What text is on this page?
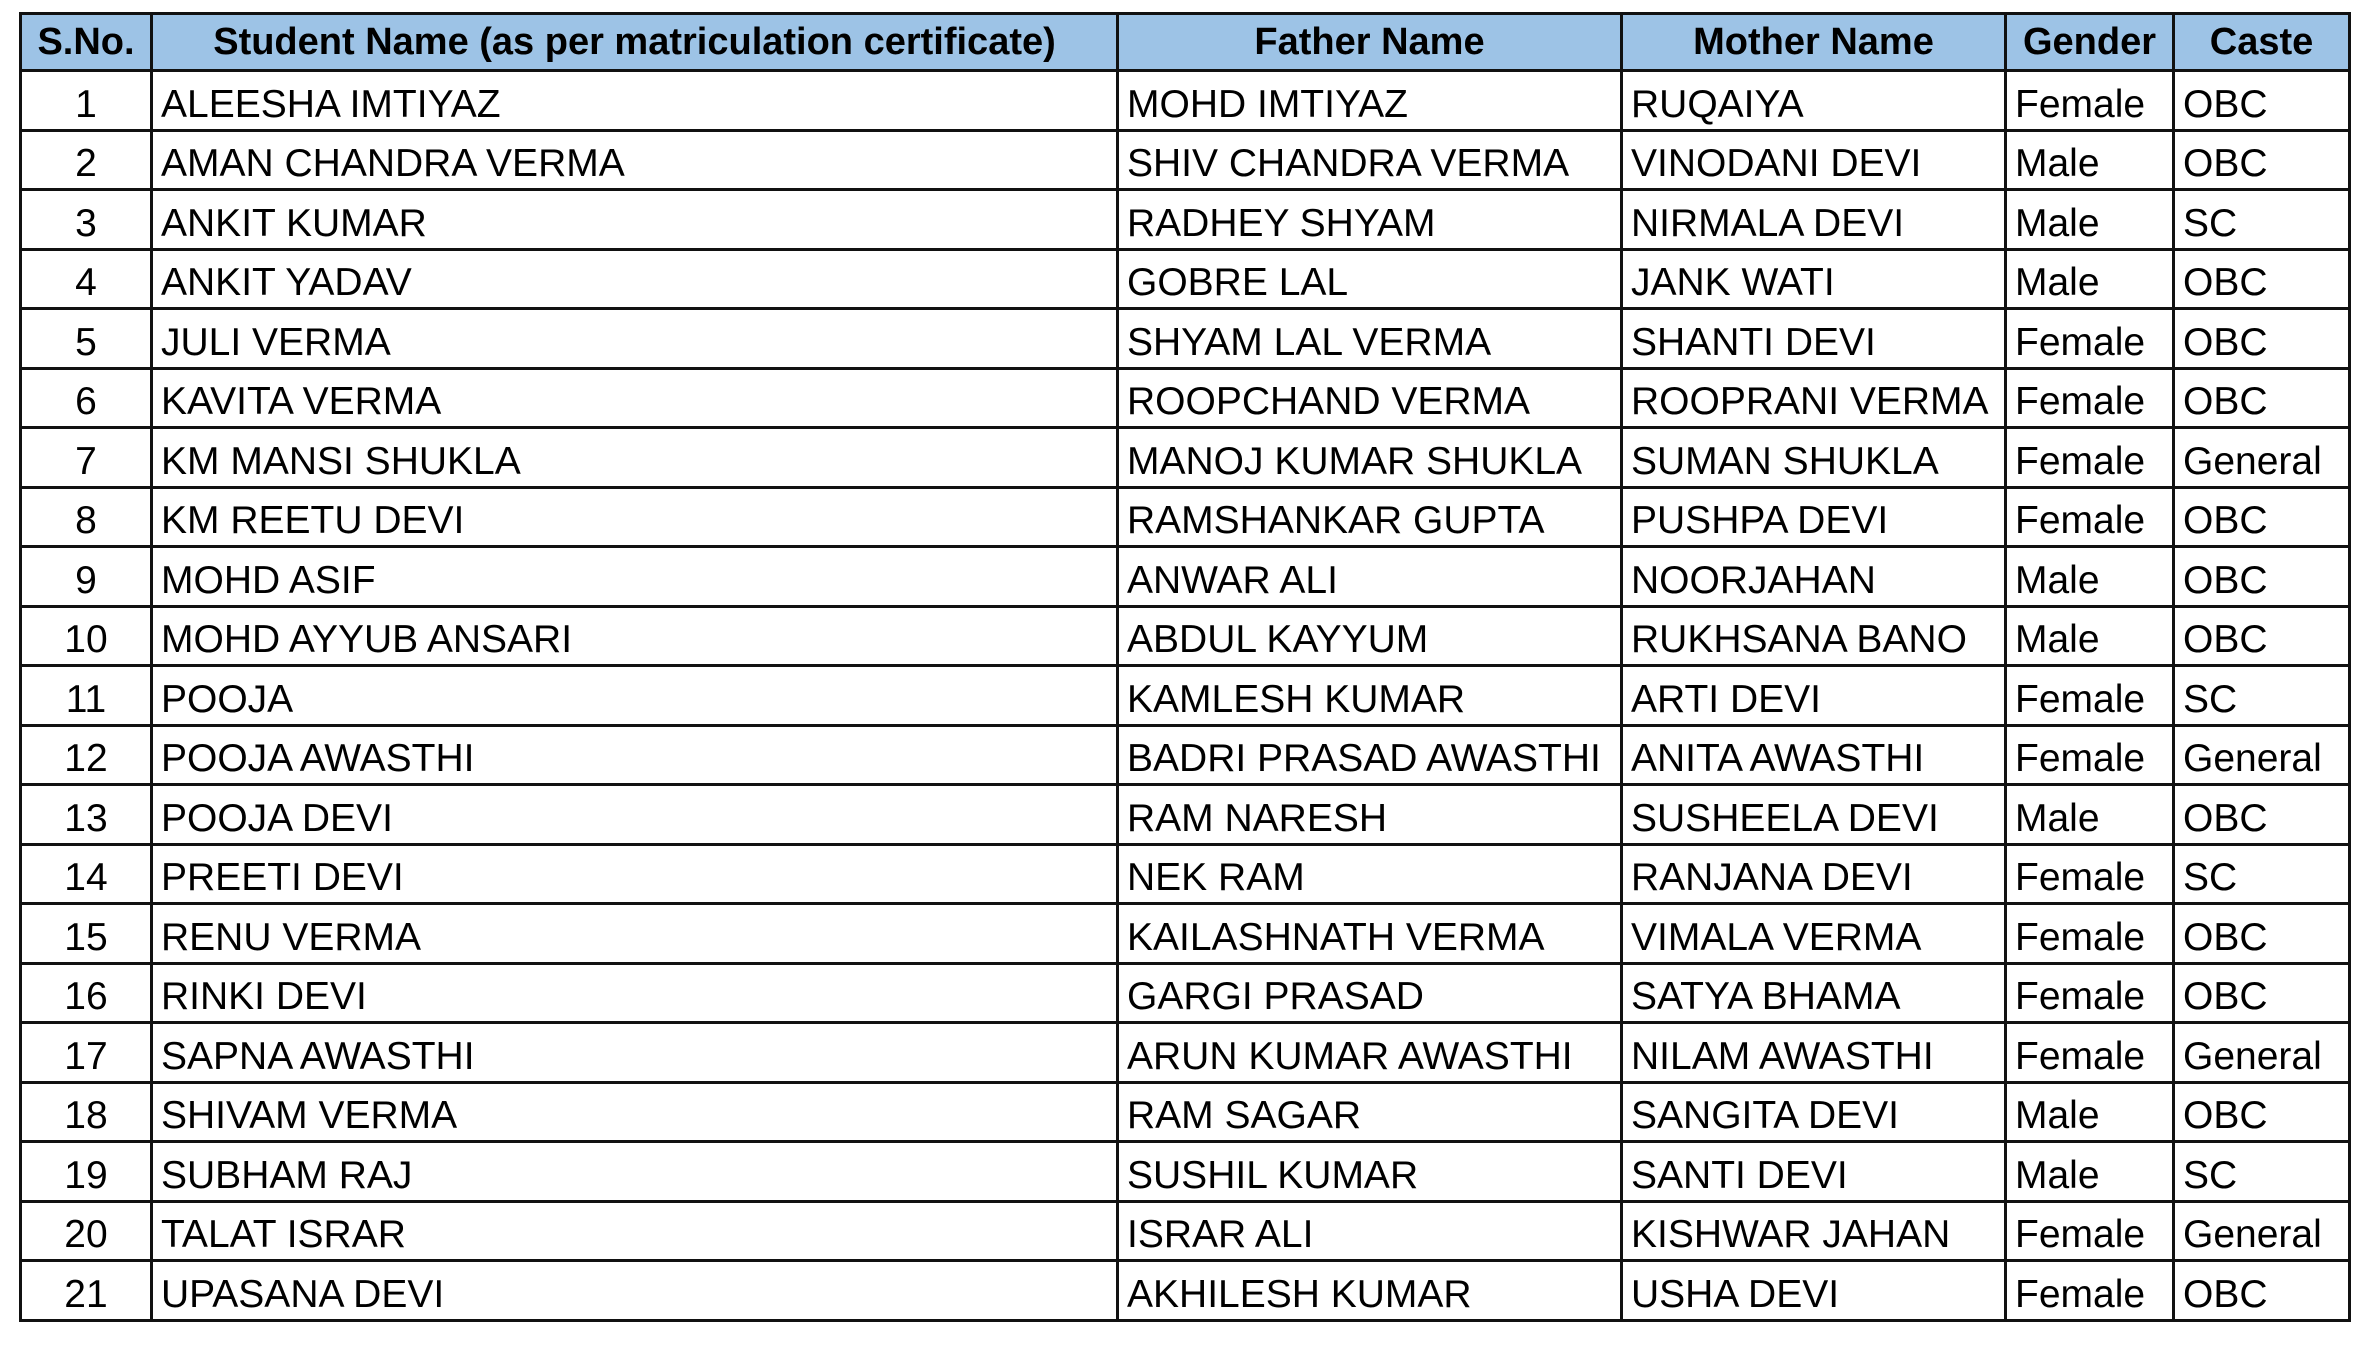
S.No.	Student Name (as per matriculation certificate)	Father Name	Mother Name	Gender	Caste
1	ALEESHA IMTIYAZ	MOHD IMTIYAZ	RUQAIYA	Female	OBC
2	AMAN CHANDRA VERMA	SHIV CHANDRA VERMA	VINODANI DEVI	Male	OBC
3	ANKIT KUMAR	RADHEY SHYAM	NIRMALA DEVI	Male	SC
4	ANKIT YADAV	GOBRE LAL	JANK WATI	Male	OBC
5	JULI VERMA	SHYAM LAL VERMA	SHANTI DEVI	Female	OBC
6	KAVITA VERMA	ROOPCHAND VERMA	ROOPRANI VERMA	Female	OBC
7	KM MANSI SHUKLA	MANOJ KUMAR SHUKLA	SUMAN SHUKLA	Female	General
8	KM REETU DEVI	RAMSHANKAR GUPTA	PUSHPA DEVI	Female	OBC
9	MOHD ASIF	ANWAR ALI	NOORJAHAN	Male	OBC
10	MOHD AYYUB ANSARI	ABDUL KAYYUM	RUKHSANA BANO	Male	OBC
11	POOJA	KAMLESH KUMAR	ARTI DEVI	Female	SC
12	POOJA AWASTHI	BADRI PRASAD AWASTHI	ANITA AWASTHI	Female	General
13	POOJA DEVI	RAM NARESH	SUSHEELA DEVI	Male	OBC
14	PREETI DEVI	NEK RAM	RANJANA DEVI	Female	SC
15	RENU VERMA	KAILASHNATH VERMA	VIMALA VERMA	Female	OBC
16	RINKI DEVI	GARGI PRASAD	SATYA BHAMA	Female	OBC
17	SAPNA AWASTHI	ARUN KUMAR AWASTHI	NILAM AWASTHI	Female	General
18	SHIVAM VERMA	RAM SAGAR	SANGITA DEVI	Male	OBC
19	SUBHAM RAJ	SUSHIL KUMAR	SANTI DEVI	Male	SC
20	TALAT ISRAR	ISRAR ALI	KISHWAR JAHAN	Female	General
21	UPASANA DEVI	AKHILESH KUMAR	USHA DEVI	Female	OBC
